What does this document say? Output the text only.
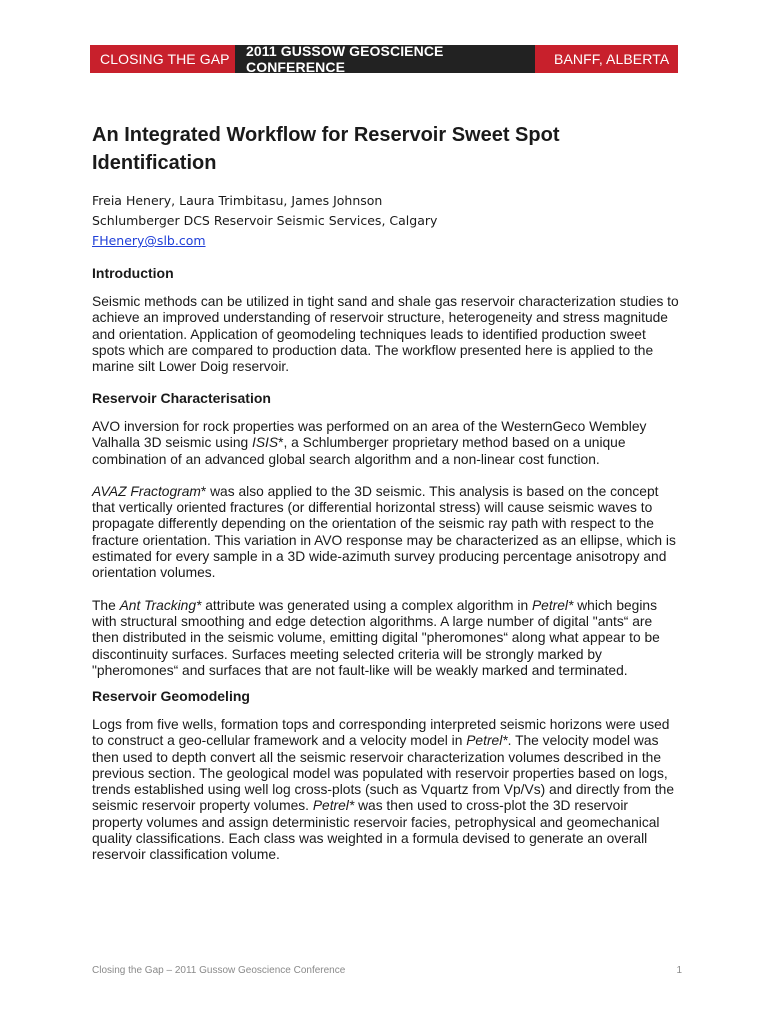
CLOSING THE GAP	2011 GUSSOW GEOSCIENCE CONFERENCE	BANFF, ALBERTA
An Integrated Workflow for Reservoir Sweet Spot Identification
Freia Henery, Laura Trimbitasu, James Johnson
Schlumberger DCS Reservoir Seismic Services, Calgary
FHenery@slb.com
Introduction

Seismic methods can be utilized in tight sand and shale gas reservoir characterization studies to achieve an improved understanding of reservoir structure, heterogeneity and stress magnitude and orientation. Application of geomodeling techniques leads to identified production sweet spots which are compared to production data. The workflow presented here is applied to the marine silt Lower Doig reservoir.

Reservoir Characterisation

AVO inversion for rock properties was performed on an area of the WesternGeco Wembley Valhalla 3D seismic using ISIS*, a Schlumberger proprietary method based on a unique combination of an advanced global search algorithm and a non-linear cost function.

AVAZ Fractogram* was also applied to the 3D seismic. This analysis is based on the concept that vertically oriented fractures (or differential horizontal stress) will cause seismic waves to propagate differently depending on the orientation of the seismic ray path with respect to the fracture orientation. This variation in AVO response may be characterized as an ellipse, which is estimated for every sample in a 3D wide-azimuth survey producing percentage anisotropy and orientation volumes.

The Ant Tracking* attribute was generated using a complex algorithm in Petrel* which begins with structural smoothing and edge detection algorithms. A large number of digital "ants“ are then distributed in the seismic volume, emitting digital "pheromones“ along what appear to be discontinuity surfaces. Surfaces meeting selected criteria will be strongly marked by "pheromones“ and surfaces that are not fault-like will be weakly marked and terminated.

Reservoir Geomodeling

Logs from five wells, formation tops and corresponding interpreted seismic horizons were used to construct a geo-cellular framework and a velocity model in Petrel*. The velocity model was then used to depth convert all the seismic reservoir characterization volumes described in the previous section. The geological model was populated with reservoir properties based on logs, trends established using well log cross-plots (such as Vquartz from Vp/Vs) and directly from the seismic reservoir property volumes. Petrel* was then used to cross-plot the 3D reservoir property volumes and assign deterministic reservoir facies, petrophysical and geomechanical quality classifications. Each class was weighted in a formula devised to generate an overall reservoir classification volume.

Closing the Gap – 2011 Gussow Geoscience Conference	1
